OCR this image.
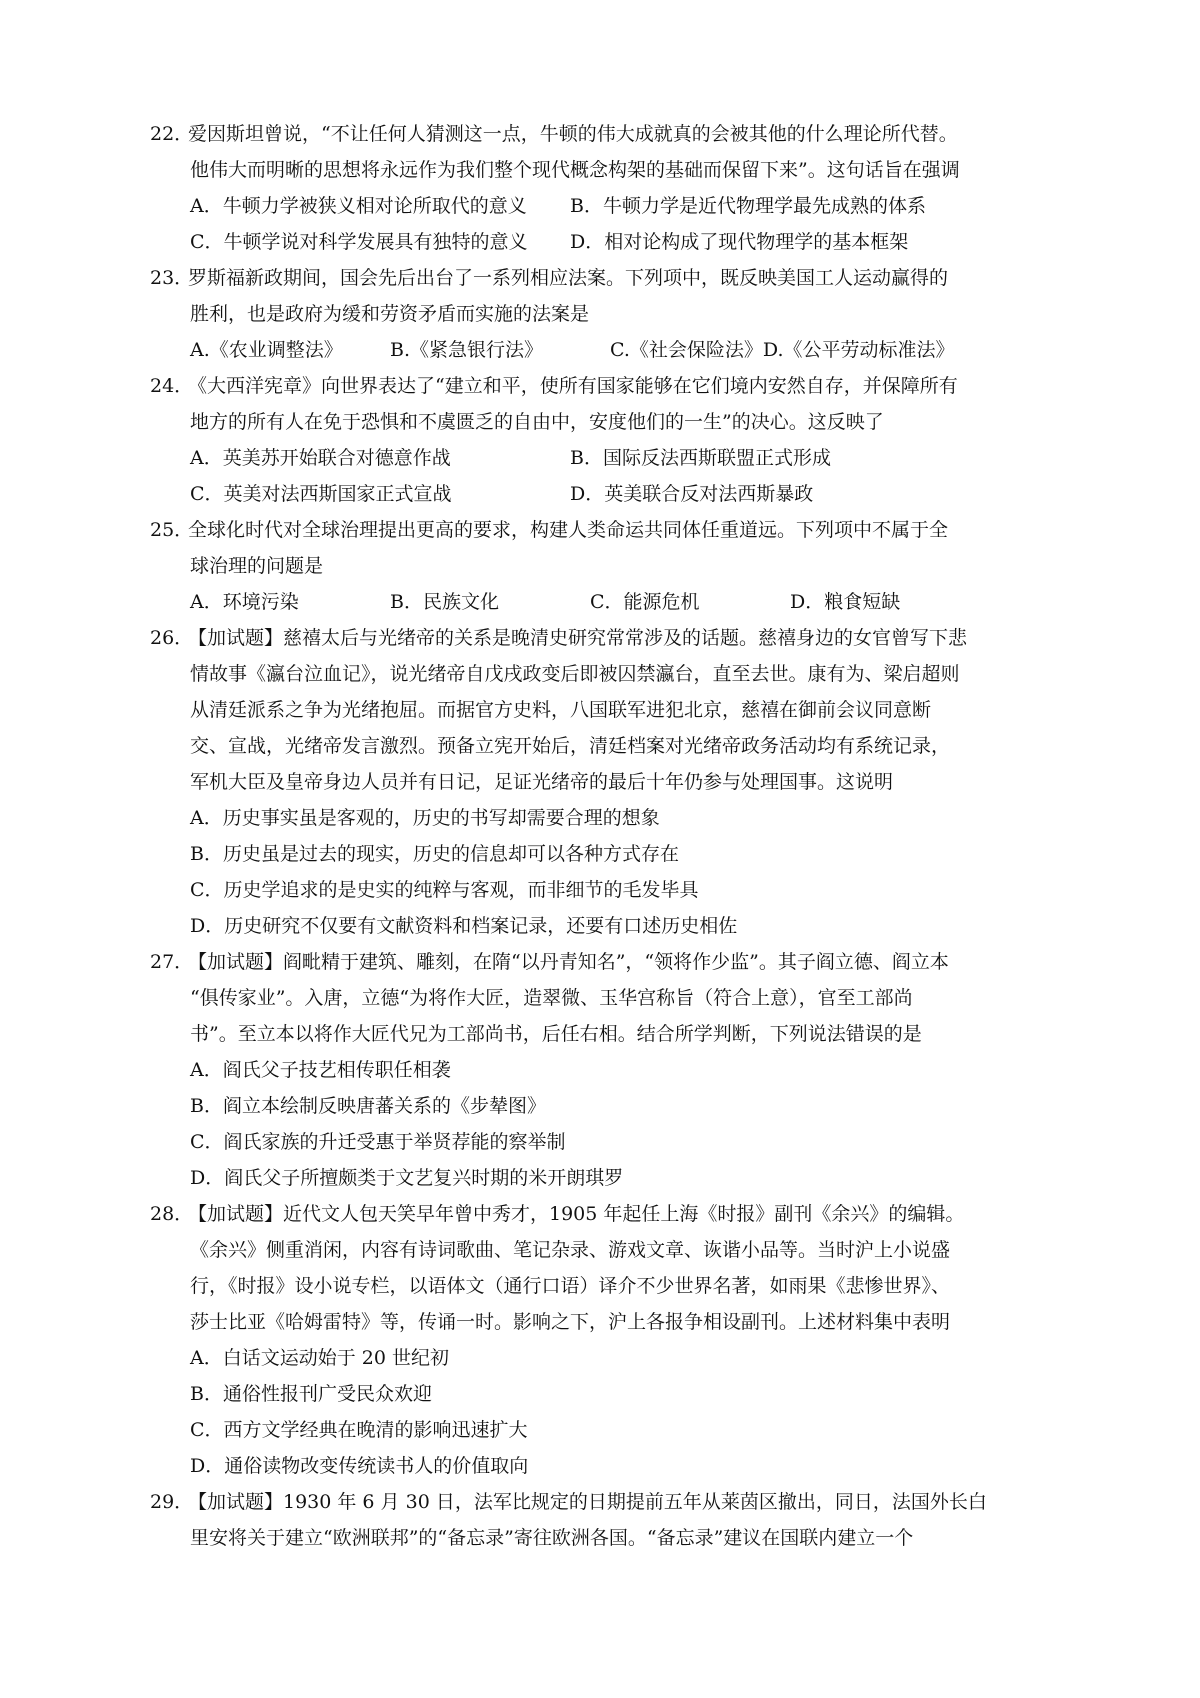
22．爱因斯坦曾说，“不让任何人猜测这一点，牛顿的伟大成就真的会被其他的什么理论所代替。
他伟大而明晰的思想将永远作为我们整个现代概念构架的基础而保留下来”。这句话旨在强调
A．牛顿力学被狭义相对论所取代的意义 B．牛顿力学是近代物理学最先成熟的体系
C．牛顿学说对科学发展具有独特的意义 D．相对论构成了现代物理学的基本框架
23．罗斯福新政期间，国会先后出台了一系列相应法案。下列项中，既反映美国工人运动赢得的
胜利，也是政府为缓和劳资矛盾而实施的法案是
A.《农业调整法》 B.《紧急银行法》	C.《社会保险法》D.《公平劳动标准法》
24．《大西洋宪章》向世界表达了“建立和平，使所有国家能够在它们境内安然自存，并保障所有
地方的所有人在免于恐惧和不虞匮乏的自由中，安度他们的一生”的决心。这反映了
A．英美苏开始联合对德意作战	B．国际反法西斯联盟正式形成
C．英美对法西斯国家正式宣战	D．英美联合反对法西斯暴政
25．全球化时代对全球治理提出更高的要求，构建人类命运共同体任重道远。下列项中不属于全
球治理的问题是
A．环境污染	B．民族文化	C．能源危机	D．粮食短缺
26．【加试题】慈禧太后与光绪帝的关系是晚清史研究常常涉及的话题。慈禧身边的女官曾写下悲
情故事《瀛台泣血记》，说光绪帝自戊戌政变后即被囚禁瀛台，直至去世。康有为、梁启超则
从清廷派系之争为光绪抱屈。而据官方史料，八国联军进犯北京，慈禧在御前会议同意断
交、宣战，光绪帝发言激烈。预备立宪开始后，清廷档案对光绪帝政务活动均有系统记录，
军机大臣及皇帝身边人员并有日记，足证光绪帝的最后十年仍参与处理国事。这说明
A．历史事实虽是客观的，历史的书写却需要合理的想象
B．历史虽是过去的现实，历史的信息却可以各种方式存在
C．历史学追求的是史实的纯粹与客观，而非细节的毛发毕具
D．历史研究不仅要有文献资料和档案记录，还要有口述历史相佐
27．【加试题】阎毗精于建筑、雕刻，在隋“以丹青知名”，“领将作少监”。其子阎立德、阎立本
“俱传家业”。入唐，立德“为将作大匠，造翠微、玉华宫称旨（符合上意），官至工部尚
书”。至立本以将作大匠代兄为工部尚书，后任右相。结合所学判断，下列说法错误的是
A．阎氏父子技艺相传职任相袭
B．阎立本绘制反映唐蕃关系的《步辇图》
C．阎氏家族的升迁受惠于举贤荐能的察举制
D．阎氏父子所擅颇类于文艺复兴时期的米开朗琪罗
28．【加试题】近代文人包天笑早年曾中秀才，1905 年起任上海《时报》副刊《余兴》的编辑。
《余兴》侧重消闲，内容有诗词歌曲、笔记杂录、游戏文章、诙谐小品等。当时沪上小说盛
行，《时报》设小说专栏，以语体文（通行口语）译介不少世界名著，如雨果《悲惨世界》、
莎士比亚《哈姆雷特》等，传诵一时。影响之下，沪上各报争相设副刊。上述材料集中表明
A．白话文运动始于 20 世纪初
B．通俗性报刊广受民众欢迎
C．西方文学经典在晚清的影响迅速扩大
D．通俗读物改变传统读书人的价值取向
29．【加试题】1930 年 6 月 30 日，法军比规定的日期提前五年从莱茵区撤出，同日，法国外长白
里安将关于建立“欧洲联邦”的“备忘录”寄往欧洲各国。“备忘录”建议在国联内建立一个
